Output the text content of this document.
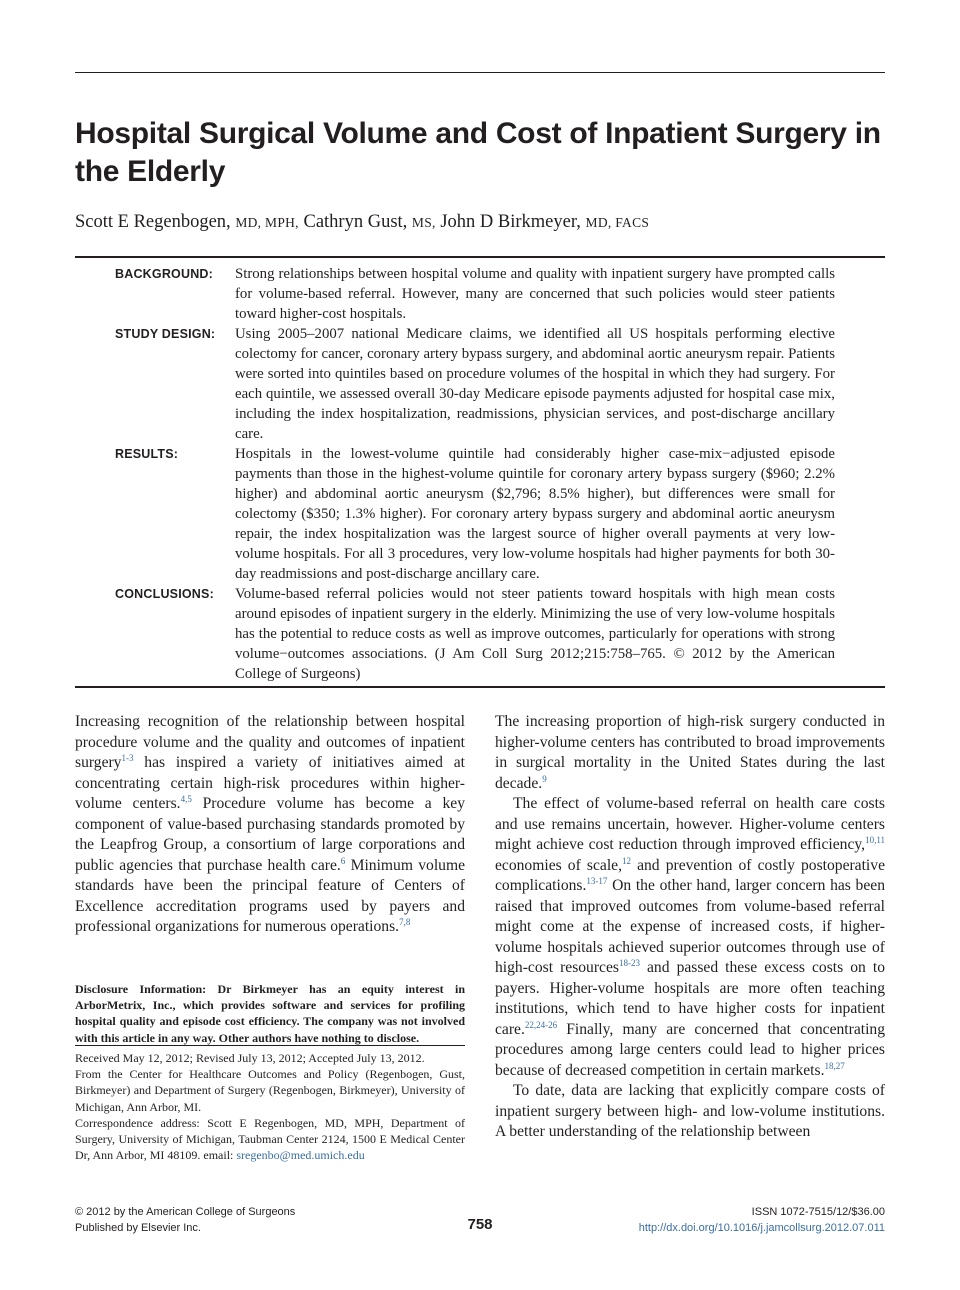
Hospital Surgical Volume and Cost of Inpatient Surgery in the Elderly
Scott E Regenbogen, MD, MPH, Cathryn Gust, MS, John D Birkmeyer, MD, FACS
BACKGROUND: Strong relationships between hospital volume and quality with inpatient surgery have prompted calls for volume-based referral. However, many are concerned that such policies would steer patients toward higher-cost hospitals.

STUDY DESIGN: Using 2005–2007 national Medicare claims, we identified all US hospitals performing elective colectomy for cancer, coronary artery bypass surgery, and abdominal aortic aneurysm repair. Patients were sorted into quintiles based on procedure volumes of the hospital in which they had surgery. For each quintile, we assessed overall 30-day Medicare episode payments adjusted for hospital case mix, including the index hospitalization, readmissions, physician services, and post-discharge ancillary care.

RESULTS:	Hospitals in the lowest-volume quintile had considerably higher case-mix−adjusted episode payments than those in the highest-volume quintile for coronary artery bypass surgery ($960; 2.2% higher) and abdominal aortic aneurysm ($2,796; 8.5% higher), but differences were small for colectomy ($350; 1.3% higher). For coronary artery bypass surgery and abdominal aortic aneurysm repair, the index hospitalization was the largest source of higher overall payments at very low-volume hospitals. For all 3 procedures, very low-volume hospitals had higher payments for both 30-day readmissions and post-discharge ancillary care.

CONCLUSIONS: Volume-based referral policies would not steer patients toward hospitals with high mean costs around episodes of inpatient surgery in the elderly. Minimizing the use of very low-volume hospitals has the potential to reduce costs as well as improve outcomes, particularly for operations with strong volume−outcomes associations. (J Am Coll Surg 2012;215:758–765. © 2012 by the American College of Surgeons)

Increasing recognition of the relationship between hospital procedure volume and the quality and outcomes of inpatient surgery$^{1-3}$ has inspired a variety of initiatives aimed at concentrating certain high-risk procedures within higher-volume centers.$^{4,5}$ Procedure volume has become a key component of value-based purchasing standards promoted by the Leapfrog Group, a consortium of large corporations and public agencies that purchase health care.$^6$ Minimum volume standards have been the principal feature of Centers of Excellence accreditation programs used by payers and professional organizations for numerous operations.$^{7,8}$

Disclosure Information: Dr Birkmeyer has an equity interest in ArborMetrix, Inc., which provides software and services for profiling hospital quality and episode cost efficiency. The company was not involved with this article in any way. Other authors have nothing to disclose.

Received May 12, 2012; Revised July 13, 2012; Accepted July 13, 2012.
From the Center for Healthcare Outcomes and Policy (Regenbogen, Gust, Birkmeyer) and Department of Surgery (Regenbogen, Birkmeyer), University of Michigan, Ann Arbor, MI.
Correspondence address: Scott E Regenbogen, MD, MPH, Department of Surgery, University of Michigan, Taubman Center 2124, 1500 E Medical Center Dr, Ann Arbor, MI 48109. email: sregenbo@med.umich.edu

The increasing proportion of high-risk surgery conducted in higher-volume centers has contributed to broad improvements in surgical mortality in the United States during the last decade.$^9$

The effect of volume-based referral on health care costs and use remains uncertain, however. Higher-volume centers might achieve cost reduction through improved efficiency,$^{10,11}$ economies of scale,$^{12}$ and prevention of costly postoperative complications.$^{13-17}$ On the other hand, larger concern has been raised that improved outcomes from volume-based referral might come at the expense of increased costs, if higher-volume hospitals achieved superior outcomes through use of high-cost resources$^{18-23}$ and passed these excess costs on to payers. Higher-volume hospitals are more often teaching institutions, which tend to have higher costs for inpatient care.$^{22,24-26}$ Finally, many are concerned that concentrating procedures among large centers could lead to higher prices because of decreased competition in certain markets.$^{18,27}$

To date, data are lacking that explicitly compare costs of inpatient surgery between high- and low-volume institutions. A better understanding of the relationship between

© 2012 by the American College of Surgeons
Published by Elsevier Inc.	758
ISSN 1072-7515/12/$36.00
http://dx.doi.org/10.1016/j.jamcollsurg.2012.07.011
